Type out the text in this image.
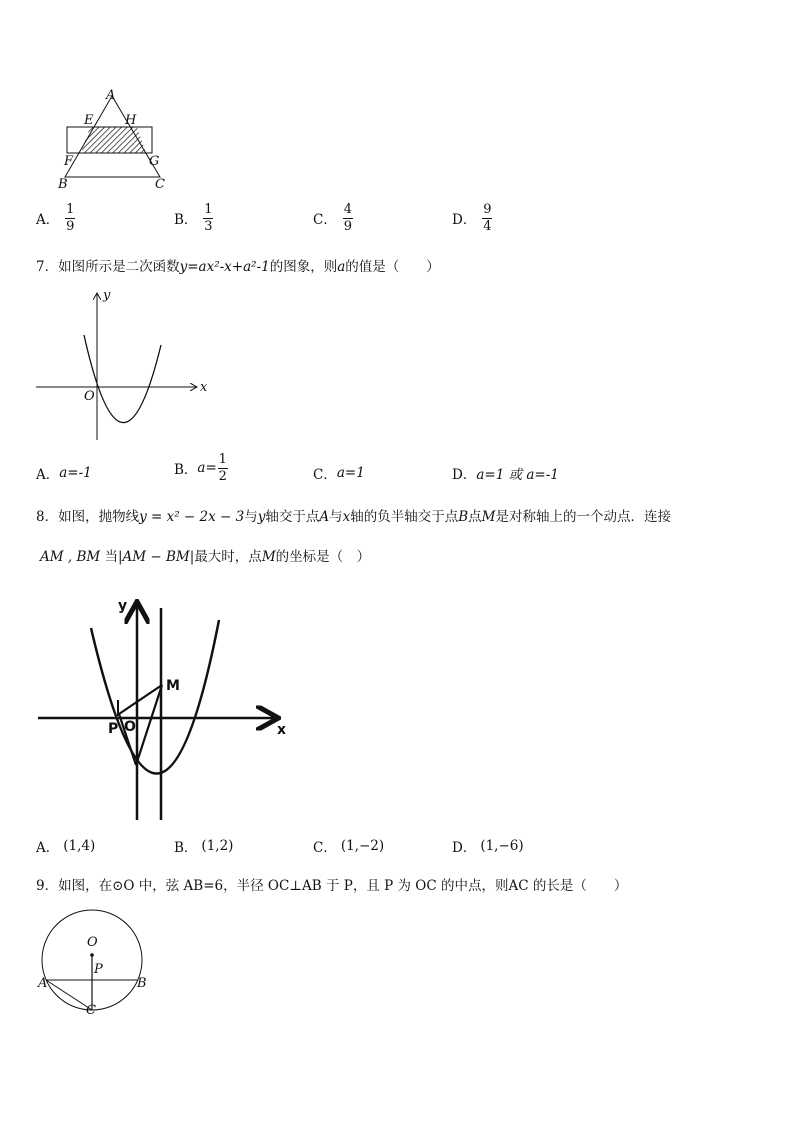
A
E H
F	G
B	C
A． $\frac{1}{9}$	B． $\frac{1}{3}$	C． $\frac{4}{9}$	D． $\frac{9}{4}$
7．如图所示是二次函数y=ax²-x+a²-1的图象，则a的值是（　　）
y
x
O
A． a=-1	B． $a= \frac{1}{2}$	C． a=1	D． a=1 或 a=-1
8．如图，抛物线y = x² − 2x − 3与y轴交于点A与x轴的负半轴交于点B点M是对称轴上的一个动点．连接
AM , BM 当|AM − BM|最大时，点M的坐标是（　）
y
x
M
P O
A． (1,4)	B． (1,2)	C． (1,−2)	D． (1,−6)
9．如图，在⊙O 中，弦 AB=6，半径 OC⊥AB 于 P，且 P 为 OC 的中点，则AC 的长是（　　）
O
P
A	B
C
